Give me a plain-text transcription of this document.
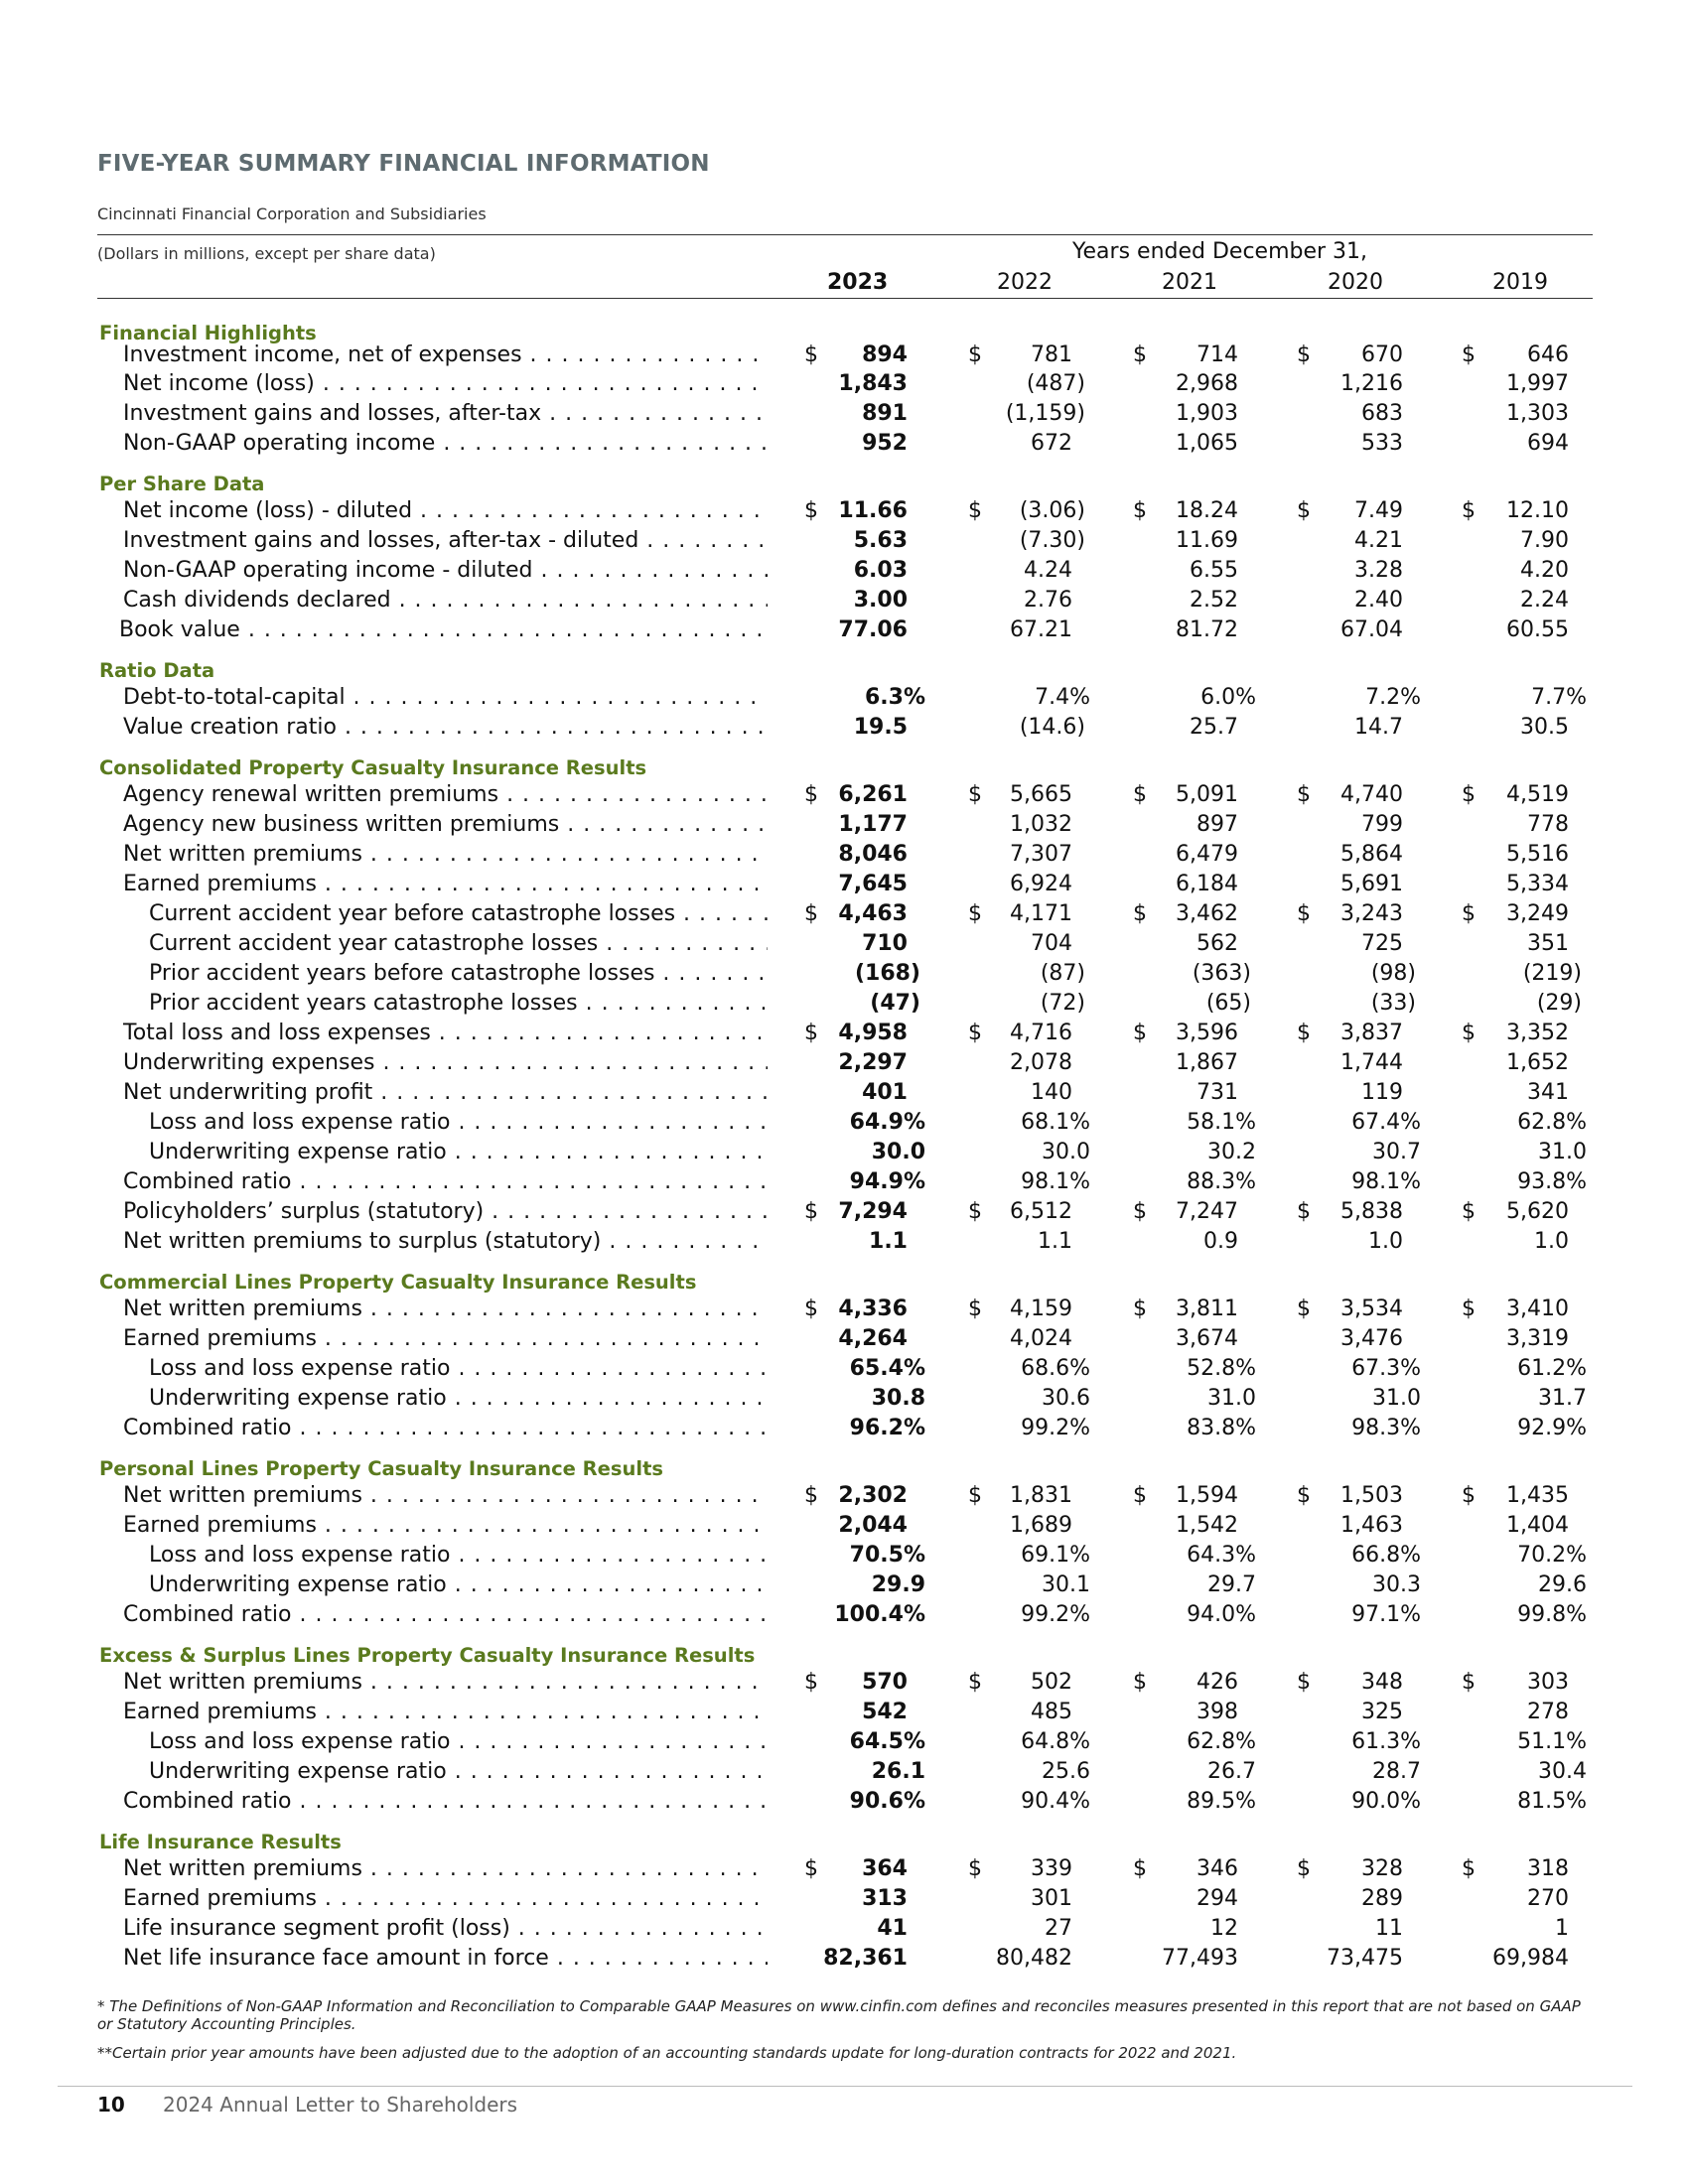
FIVE-YEAR SUMMARY FINANCIAL INFORMATION
Cincinnati Financial Corporation and Subsidiaries
(Dollars in millions, except per share data)	Years ended December 31,
2023	2022	2021	2020	2019
Financial Highlights
Investment income, net of expenses . . .	$	894	$	781	$	714	$	670	$	646
Net income (loss) . . .	1,843	(487)	2,968	1,216	1,997
Investment gains and losses, after-tax . . .	891	(1,159)	1,903	683	1,303
Non-GAAP operating income . . .	952	672	1,065	533	694
Per Share Data
Net income (loss) - diluted . . .	$ 11.66	$	(3.06) $	18.24	$	7.49	$	12.10
Investment gains and losses, after-tax - diluted . . .	5.63	(7.30)	11.69	4.21	7.90
Non-GAAP operating income - diluted . . .	6.03	4.24	6.55	3.28	4.20
Cash dividends declared . . .	3.00	2.76	2.52	2.40	2.24
Book value . . .	77.06	67.21	81.72	67.04	60.55
Ratio Data
Debt-to-total-capital . . .	6.3%	7.4%	6.0%	7.2%	7.7%
Value creation ratio . . .	19.5	(14.6)	25.7	14.7	30.5
Consolidated Property Casualty Insurance Results
Agency renewal written premiums . . .	$ 6,261	$	5,665	$	5,091	$	4,740	$	4,519
Agency new business written premiums . . .	1,177	1,032	897	799	778
Net written premiums . . .	8,046	7,307	6,479	5,864	5,516
Earned premiums . . .	7,645	6,924	6,184	5,691	5,334
Current accident year before catastrophe losses . . .	$ 4,463	$	4,171	$	3,462	$	3,243	$	3,249
Current accident year catastrophe losses . . .	710	704	562	725	351
Prior accident years before catastrophe losses . . .	(168)	(87)	(363)	(98)	(219)
Prior accident years catastrophe losses . . .	(47)	(72)	(65)	(33)	(29)
Total loss and loss expenses . . .	$ 4,958	$	4,716	$	3,596	$	3,837	$	3,352
Underwriting expenses . . .	2,297	2,078	1,867	1,744	1,652
Net underwriting profit . . .	401	140	731	119	341
Loss and loss expense ratio . . .	64.9%	68.1%	58.1%	67.4%	62.8%
Underwriting expense ratio . . .	30.0	30.0	30.2	30.7	31.0
Combined ratio . . .	94.9%	98.1%	88.3%	98.1%	93.8%
Policyholders’ surplus (statutory) . . .	$ 7,294	$	6,512	$	7,247	$	5,838	$	5,620
Net written premiums to surplus (statutory) . . .	1.1	1.1	0.9	1.0	1.0
Commercial Lines Property Casualty Insurance Results
Net written premiums . . .	$ 4,336	$	4,159	$	3,811	$	3,534	$	3,410
Earned premiums . . .	4,264	4,024	3,674	3,476	3,319
Loss and loss expense ratio . . .	65.4%	68.6%	52.8%	67.3%	61.2%
Underwriting expense ratio . . .	30.8	30.6	31.0	31.0	31.7
Combined ratio . . .	96.2%	99.2%	83.8%	98.3%	92.9%
Personal Lines Property Casualty Insurance Results
Net written premiums . . .	$ 2,302	$	1,831	$	1,594	$	1,503	$	1,435
Earned premiums . . .	2,044	1,689	1,542	1,463	1,404
Loss and loss expense ratio . . .	70.5%	69.1%	64.3%	66.8%	70.2%
Underwriting expense ratio . . .	29.9	30.1	29.7	30.3	29.6
Combined ratio . . .	100.4%	99.2%	94.0%	97.1%	99.8%
Excess & Surplus Lines Property Casualty Insurance Results
Net written premiums . . .	$	570	$	502	$	426	$	348	$	303
Earned premiums . . .	542	485	398	325	278
Loss and loss expense ratio . . .	64.5%	64.8%	62.8%	61.3%	51.1%
Underwriting expense ratio . . .	26.1	25.6	26.7	28.7	30.4
Combined ratio . . .	90.6%	90.4%	89.5%	90.0%	81.5%
Life Insurance Results
Net written premiums . . .	$	364	$	339	$	346	$	328	$	318
Earned premiums . . .	313	301	294	289	270
Life insurance segment profit (loss) . . .	41	27	12	11	1
Net life insurance face amount in force . . .	82,361	80,482	77,493	73,475	69,984
* The Definitions of Non-GAAP Information and Reconciliation to Comparable GAAP Measures on www.cinfin.com defines and reconciles measures presented in this report that are not based on GAAP or Statutory Accounting Principles.
**Certain prior year amounts have been adjusted due to the adoption of an accounting standards update for long-duration contracts for 2022 and 2021.
10 2024 Annual Letter to Shareholders
